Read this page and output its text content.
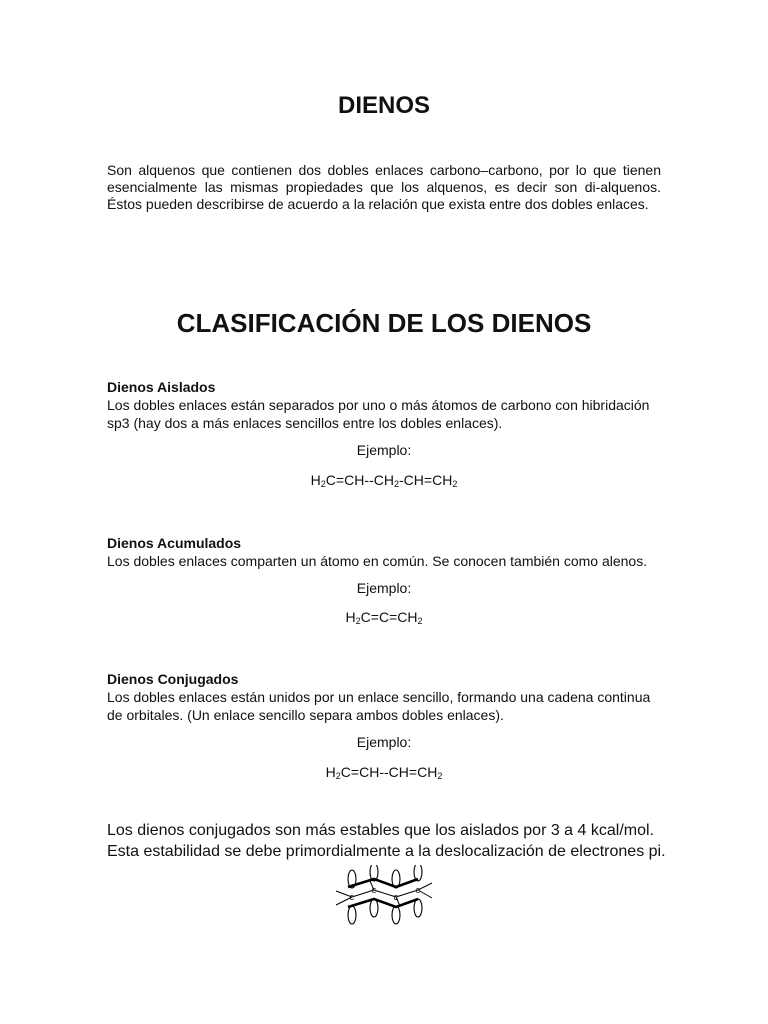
DIENOS

Son alquenos que contienen dos dobles enlaces carbono–carbono, por lo que tienen esencialmente las mismas propiedades que los alquenos, es decir son di-alquenos. Éstos pueden describirse de acuerdo a la relación que exista entre dos dobles enlaces.

CLASIFICACIÓN DE LOS DIENOS
Dienos Aislados

Los dobles enlaces están separados por uno o más átomos de carbono con hibridación sp3 (hay dos a más enlaces sencillos entre los dobles enlaces).

Ejemplo:
$H_2C=CH--CH_2-CH=CH_2$
Dienos Acumulados

Los dobles enlaces comparten un átomo en común. Se conocen también como alenos.

Ejemplo:
$H_2C=C=CH_2$
Dienos Conjugados

Los dobles enlaces están unidos por un enlace sencillo, formando una cadena continua de orbitales. (Un enlace sencillo separa ambos dobles enlaces).

Ejemplo:
$H_2C=CH--CH=CH_2$

Los dienos conjugados son más estables que los aislados por 3 a 4 kcal/mol. Esta estabilidad se debe primordialmente a la deslocalización de electrones pi.

C
C
C
C
